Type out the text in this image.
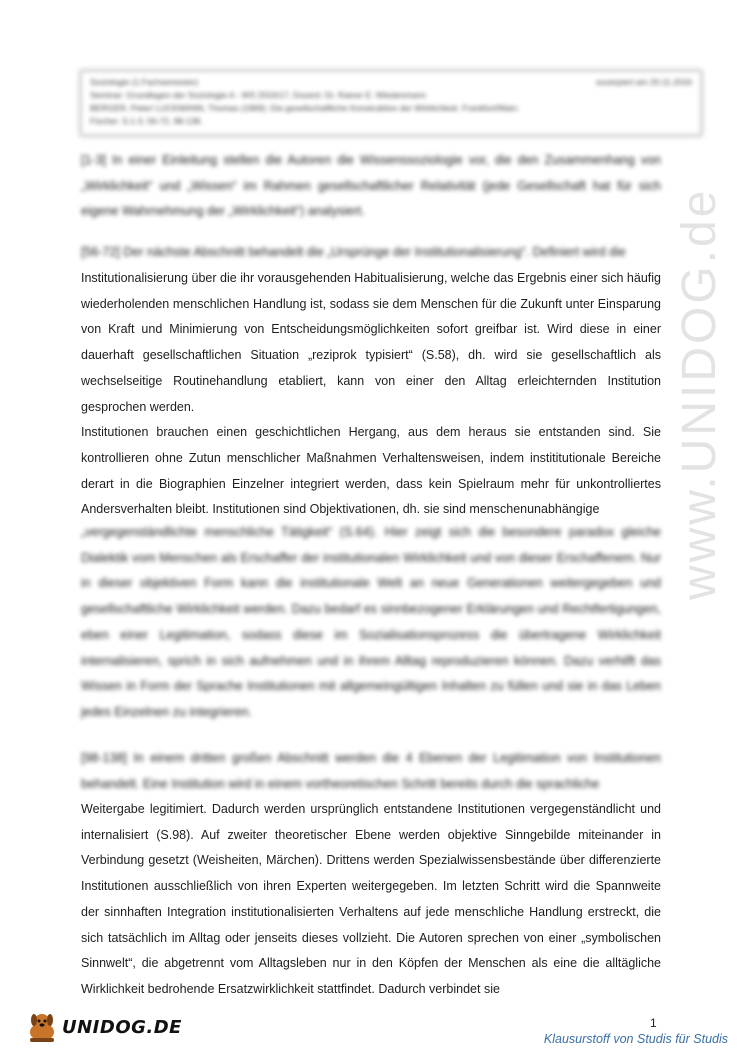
Soziologie (1.Fachsemester)	exzerpiert am 20.11.2016
Seminar: Grundlagen der Soziologie A - WS 2016/17, Dozent: Dr. Rainer E. Wiedenmann
BERGER, Peter/ LUCKMANN, Thomas (1969): Die gesellschaftliche Konstruktion der Wirklichkeit. Frankfurt/Main:
Fischer. S.1-3, 56-72, 98-138.

[1-3] In einer Einleitung stellen die Autoren die Wissenssoziologie vor, die den Zusammenhang von „Wirklichkeit“ und „Wissen“ im Rahmen gesellschaftlicher Relativität (jede Gesellschaft hat für sich eigene Wahrnehmung der „Wirklichkeit“) analysiert.

[56-72] Der nächste Abschnitt behandelt die „Ursprünge der Institutionalisierung“. Definiert wird die

Institutionalisierung über die ihr vorausgehenden Habitualisierung, welche das Ergebnis einer sich häufig wiederholenden menschlichen Handlung ist, sodass sie dem Menschen für die Zukunft unter Einsparung von Kraft und Minimierung von Entscheidungsmöglichkeiten sofort greifbar ist. Wird diese in einer dauerhaft gesellschaftlichen Situation „reziprok typisiert“ (S.58), dh. wird sie gesellschaftlich als wechselseitige Routinehandlung etabliert, kann von einer den Alltag erleichternden Institution gesprochen werden.

Institutionen brauchen einen geschichtlichen Hergang, aus dem heraus sie entstanden sind. Sie kontrollieren ohne Zutun menschlicher Maßnahmen Verhaltensweisen, indem instititutionale Bereiche derart in die Biographien Einzelner integriert werden, dass kein Spielraum mehr für unkontrolliertes Andersverhalten bleibt. Institutionen sind Objektivationen, dh. sie sind menschenunabhängige

„vergegenständlichte menschliche Tätigkeit“ (S.64). Hier zeigt sich die besondere paradox gleiche Dialektik vom Menschen als Erschaffer der institutionalen Wirklichkeit und von dieser Erschaffenem. Nur in dieser objektiven Form kann die institutionale Welt an neue Generationen weitergegeben und gesellschaftliche Wirklichkeit werden. Dazu bedarf es sinnbezogener Erklärungen und Rechtfertigungen, eben einer Legitimation, sodass diese im Sozialisationsprozess die übertragene Wirklichkeit internalisieren, sprich in sich aufnehmen und in ihrem Alltag reproduzieren können. Dazu verhilft das Wissen in Form der Sprache Institutionen mit allgemeingültigen Inhalten zu füllen und sie in das Leben jedes Einzelnen zu integrieren.

[98-138] In einem dritten großen Abschnitt werden die 4 Ebenen der Legitimation von Institutionen behandelt. Eine Institution wird in einem vortheoretischen Schritt bereits durch die sprachliche

Weitergabe legitimiert. Dadurch werden ursprünglich entstandene Institutionen vergegenständlicht und internalisiert (S.98). Auf zweiter theoretischer Ebene werden objektive Sinngebilde miteinander in Verbindung gesetzt (Weisheiten, Märchen). Drittens werden Spezialwissensbestände über differenzierte Institutionen ausschließlich von ihren Experten weitergegeben. Im letzten Schritt wird die Spannweite der sinnhaften Integration institutionalisierten Verhaltens auf jede menschliche Handlung erstreckt, die sich tatsächlich im Alltag oder jenseits dieses vollzieht. Die Autoren sprechen von einer „symbolischen Sinnwelt“, die abgetrennt vom Alltagsleben nur in den Köpfen der Menschen als eine die alltägliche Wirklichkeit bedrohende Ersatzwirklichkeit stattfindet. Dadurch verbindet sie

www.UNIDOG.de
UNIDOG.DE	1
Klausurstoff von Studis für Studis
